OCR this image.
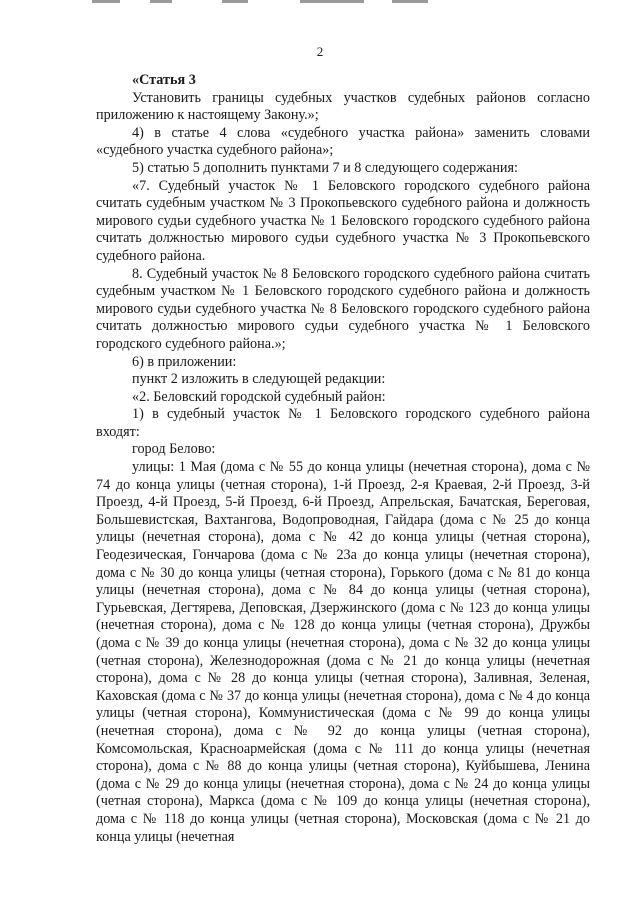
2

«Статья 3

Установить границы судебных участков судебных районов согласно приложению к настоящему Закону.»;

4) в статье 4 слова «судебного участка района» заменить словами «судебного участка судебного района»;

5) статью 5 дополнить пунктами 7 и 8 следующего содержания:

«7. Судебный участок № 1 Беловского городского судебного района считать судебным участком № 3 Прокопьевского судебного района и должность мирового судьи судебного участка № 1 Беловского городского судебного района считать должностью мирового судьи судебного участка № 3 Прокопьевского судебного района.

8. Судебный участок № 8 Беловского городского судебного района считать судебным участком № 1 Беловского городского судебного района и должность мирового судьи судебного участка № 8 Беловского городского судебного района считать должностью мирового судьи судебного участка № 1 Беловского городского судебного района.»;

6) в приложении:

пункт 2 изложить в следующей редакции:

«2. Беловский городской судебный район:

1) в судебный участок № 1 Беловского городского судебного района входят:

город Белово:

улицы: 1 Мая (дома с № 55 до конца улицы (нечетная сторона), дома с № 74 до конца улицы (четная сторона), 1-й Проезд, 2-я Краевая, 2-й Проезд, 3-й Проезд, 4-й Проезд, 5-й Проезд, 6-й Проезд, Апрельская, Бачатская, Береговая, Большевистская, Вахтангова, Водопроводная, Гайдара (дома с № 25 до конца улицы (нечетная сторона), дома с № 42 до конца улицы (четная сторона), Геодезическая, Гончарова (дома с № 23а до конца улицы (нечетная сторона), дома с № 30 до конца улицы (четная сторона), Горького (дома с № 81 до конца улицы (нечетная сторона), дома с № 84 до конца улицы (четная сторона), Гурьевская, Дегтярева, Деповская, Дзержинского (дома с № 123 до конца улицы (нечетная сторона), дома с № 128 до конца улицы (четная сторона), Дружбы (дома с № 39 до конца улицы (нечетная сторона), дома с № 32 до конца улицы (четная сторона), Железнодорожная (дома с № 21 до конца улицы (нечетная сторона), дома с № 28 до конца улицы (четная сторона), Заливная, Зеленая, Каховская (дома с № 37 до конца улицы (нечетная сторона), дома с № 4 до конца улицы (четная сторона), Коммунистическая (дома с № 99 до конца улицы (нечетная сторона), дома с № 92 до конца улицы (четная сторона), Комсомольская, Красноармейская (дома с № 111 до конца улицы (нечетная сторона), дома с № 88 до конца улицы (четная сторона), Куйбышева, Ленина (дома с № 29 до конца улицы (нечетная сторона), дома с № 24 до конца улицы (четная сторона), Маркса (дома с № 109 до конца улицы (нечетная сторона), дома с № 118 до конца улицы (четная сторона), Московская (дома с № 21 до конца улицы (нечетная
